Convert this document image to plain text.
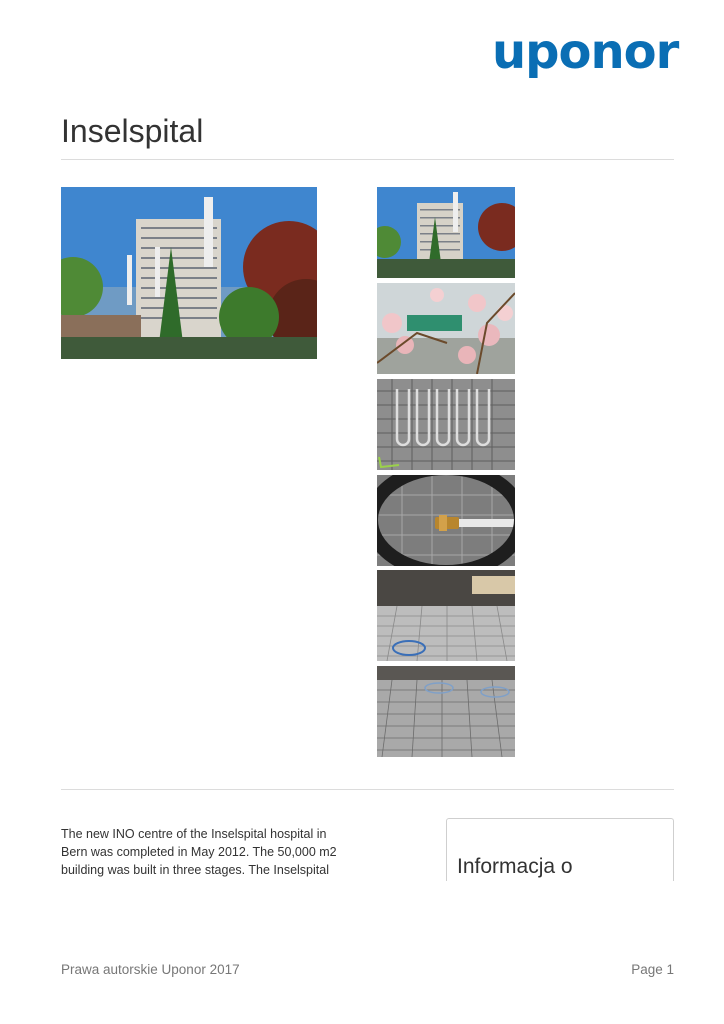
uponor
Inselspital

The new INO centre of the Inselspital hospital in Bern was completed in May 2012. The 50,000 m2 building was built in three stages. The Inselspital	Informacja o
Prawa autorskie Uponor 2017	Page 1
